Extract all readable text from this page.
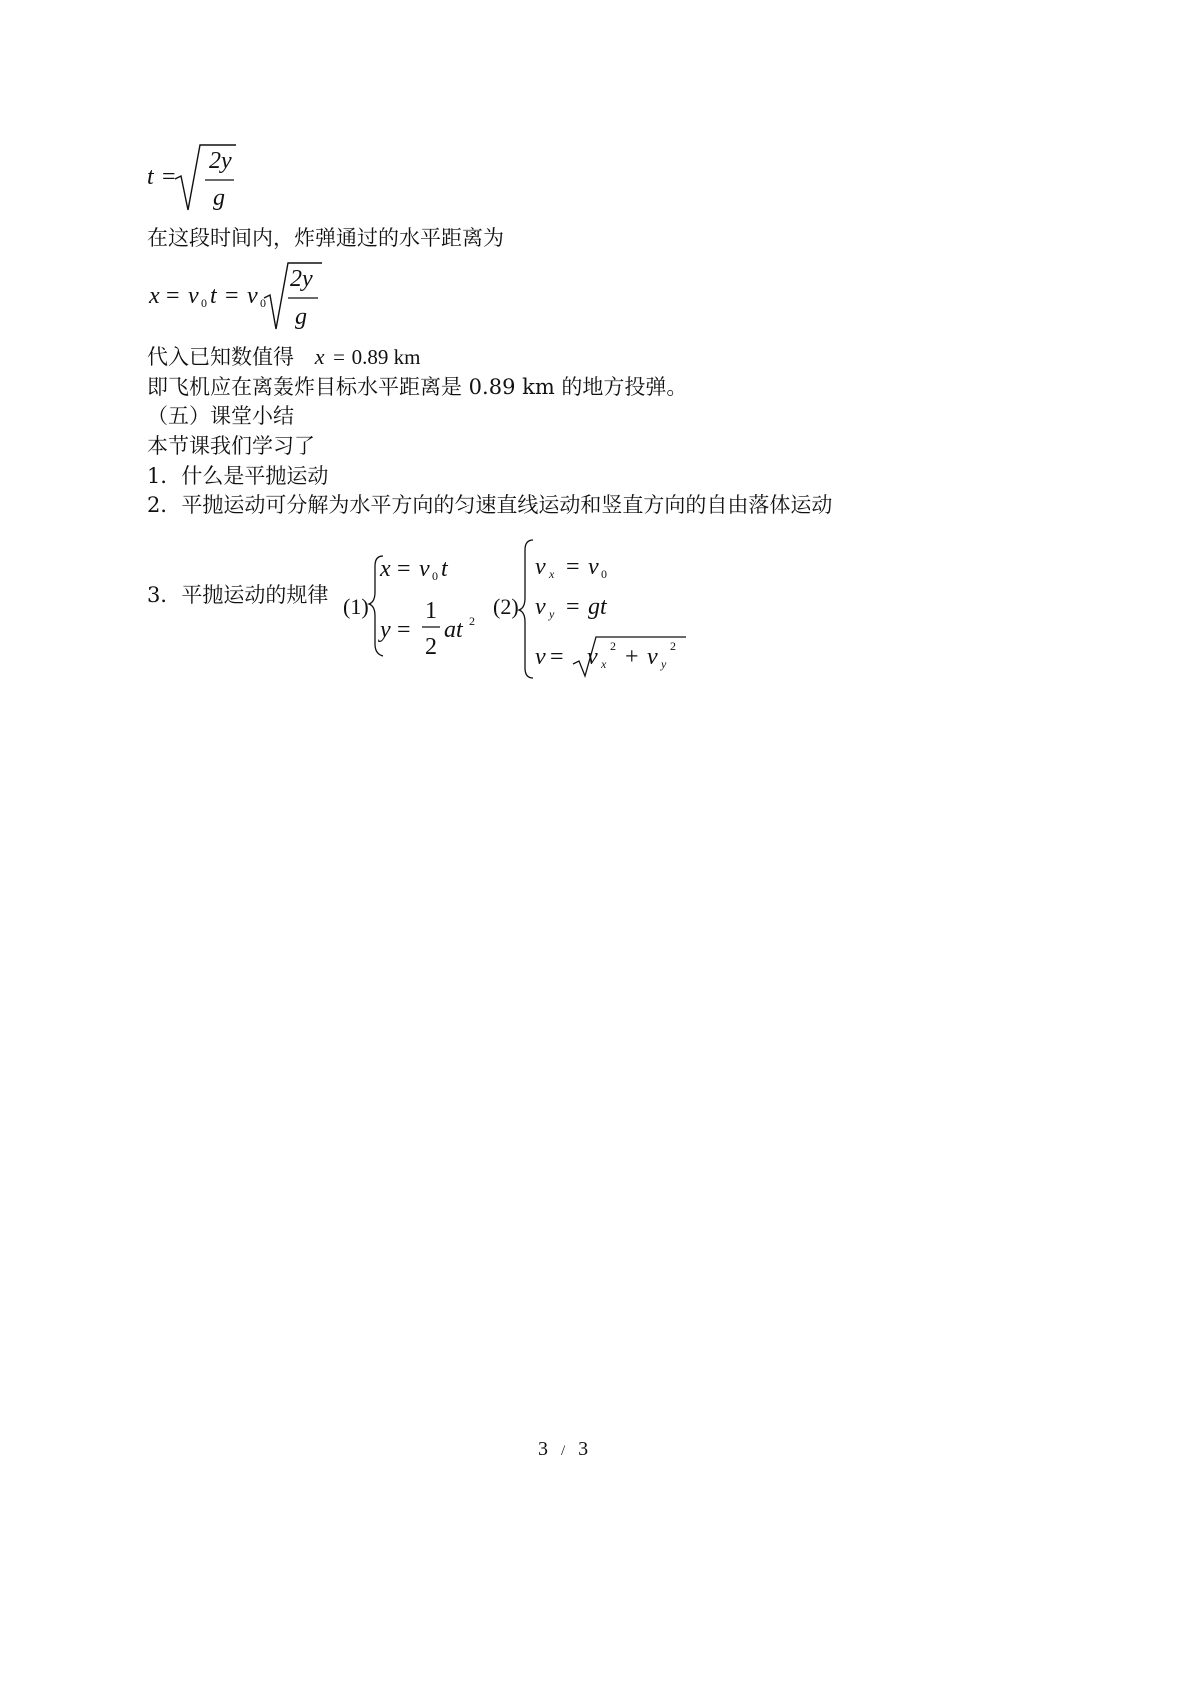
t =
2y
g
在这段时间内，炸弹通过的水平距离为
x = v 0 t = v 0
2y
g
代入已知数值得 x = 0.89 km
即飞机应在离轰炸目标水平距离是 0.89 km 的地方投弹。
（五）课堂小结
本节课我们学习了
1．什么是平抛运动
2．平抛运动可分解为水平方向的匀速直线运动和竖直方向的自由落体运动
3．平抛运动的规律 (1)
x = v 0 t
y =
1
2
at 2
(2)
v x = v 0
v y = gt
v = v x
2 + v y
2
3 / 3
